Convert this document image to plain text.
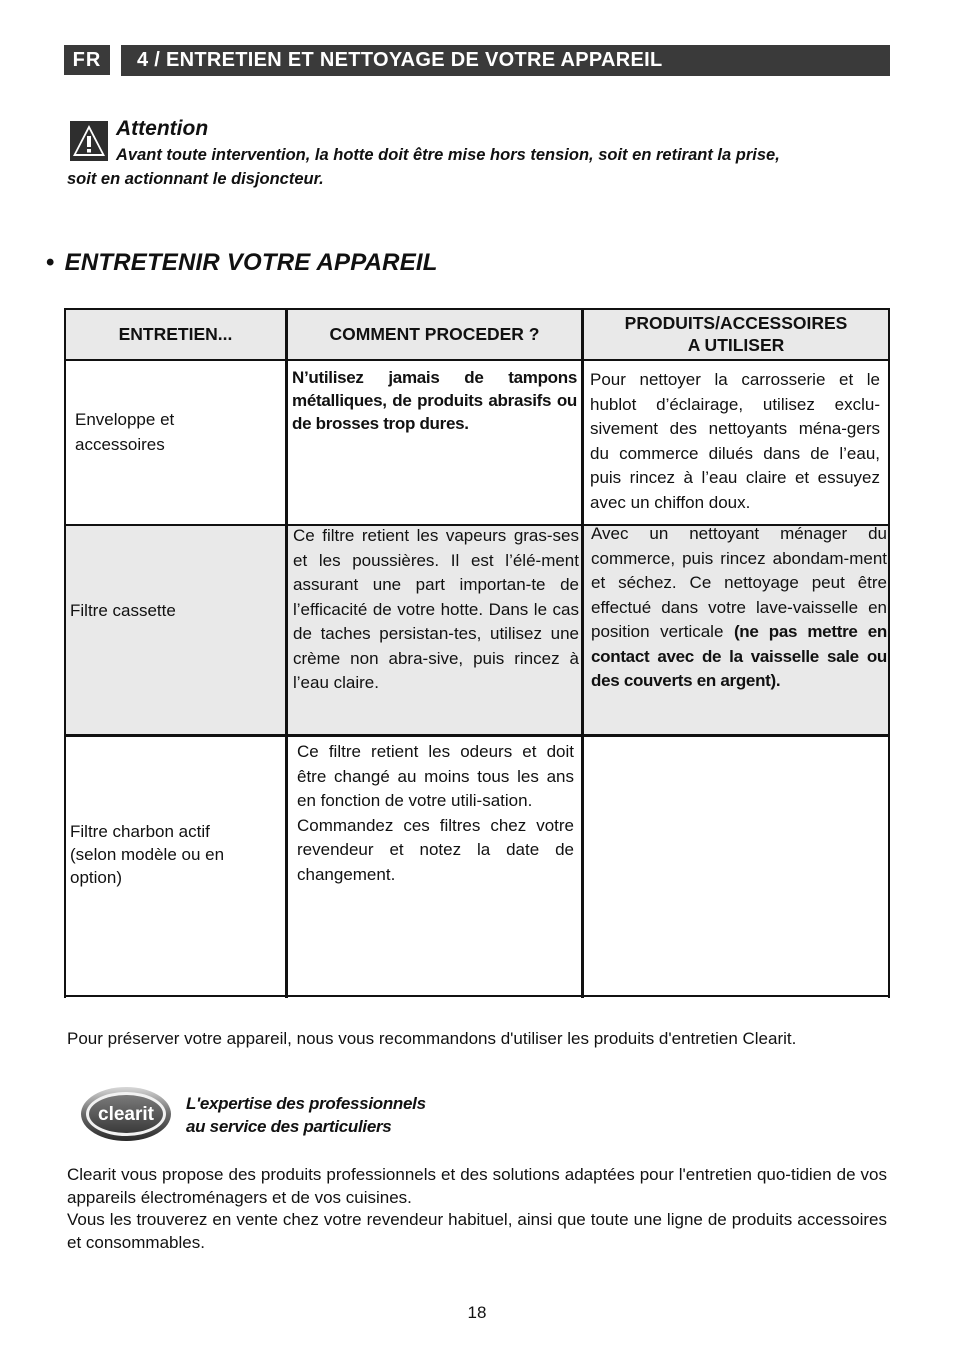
FR	4 / ENTRETIEN ET NETTOYAGE DE VOTRE APPAREIL
Attention
Avant toute intervention, la hotte doit être mise hors tension, soit en retirant la prise,
soit en actionnant le disjoncteur.
• ENTRETENIR VOTRE APPAREIL
ENTRETIEN...	COMMENT PROCEDER ?
PRODUITS/ACCESSOIRES
A UTILISER
Enveloppe et
accessoires
N’utilisez jamais de tampons métalliques, de produits abrasifs ou de brosses trop dures.
Pour nettoyer la carrosserie et le hublot d’éclairage, utilisez exclu-sivement des nettoyants ména-gers du commerce dilués dans de l’eau, puis rincez à l’eau claire et essuyez avec un chiffon doux.
Filtre cassette
Ce filtre retient les vapeurs gras-ses et les poussières. Il est l’élé-ment assurant une part importan-te de l’efficacité de votre hotte. Dans le cas de taches persistan-tes, utilisez une crème non abra-sive, puis rincez à l’eau claire.
Avec un nettoyant ménager du commerce, puis rincez abondam-ment et séchez. Ce nettoyage peut être effectué dans votre lave-vaisselle en position verticale (ne pas mettre en contact avec de la vaisselle sale ou des couverts en argent).
Filtre charbon actif
(selon modèle ou en
option)
Ce filtre retient les odeurs et doit être changé au moins tous les ans en fonction de votre utili-sation.
Commandez ces filtres chez votre revendeur et notez la date de changement.
Pour préserver votre appareil, nous vous recommandons d'utiliser les produits d'entretien Clearit.
clearit
L'expertise des professionnels
au service des particuliers
Clearit vous propose des produits professionnels et des solutions adaptées pour l'entretien quo-tidien de vos appareils électroménagers et de vos cuisines.
Vous les trouverez en vente chez votre revendeur habituel, ainsi que toute une ligne de produits accessoires et consommables.
18
